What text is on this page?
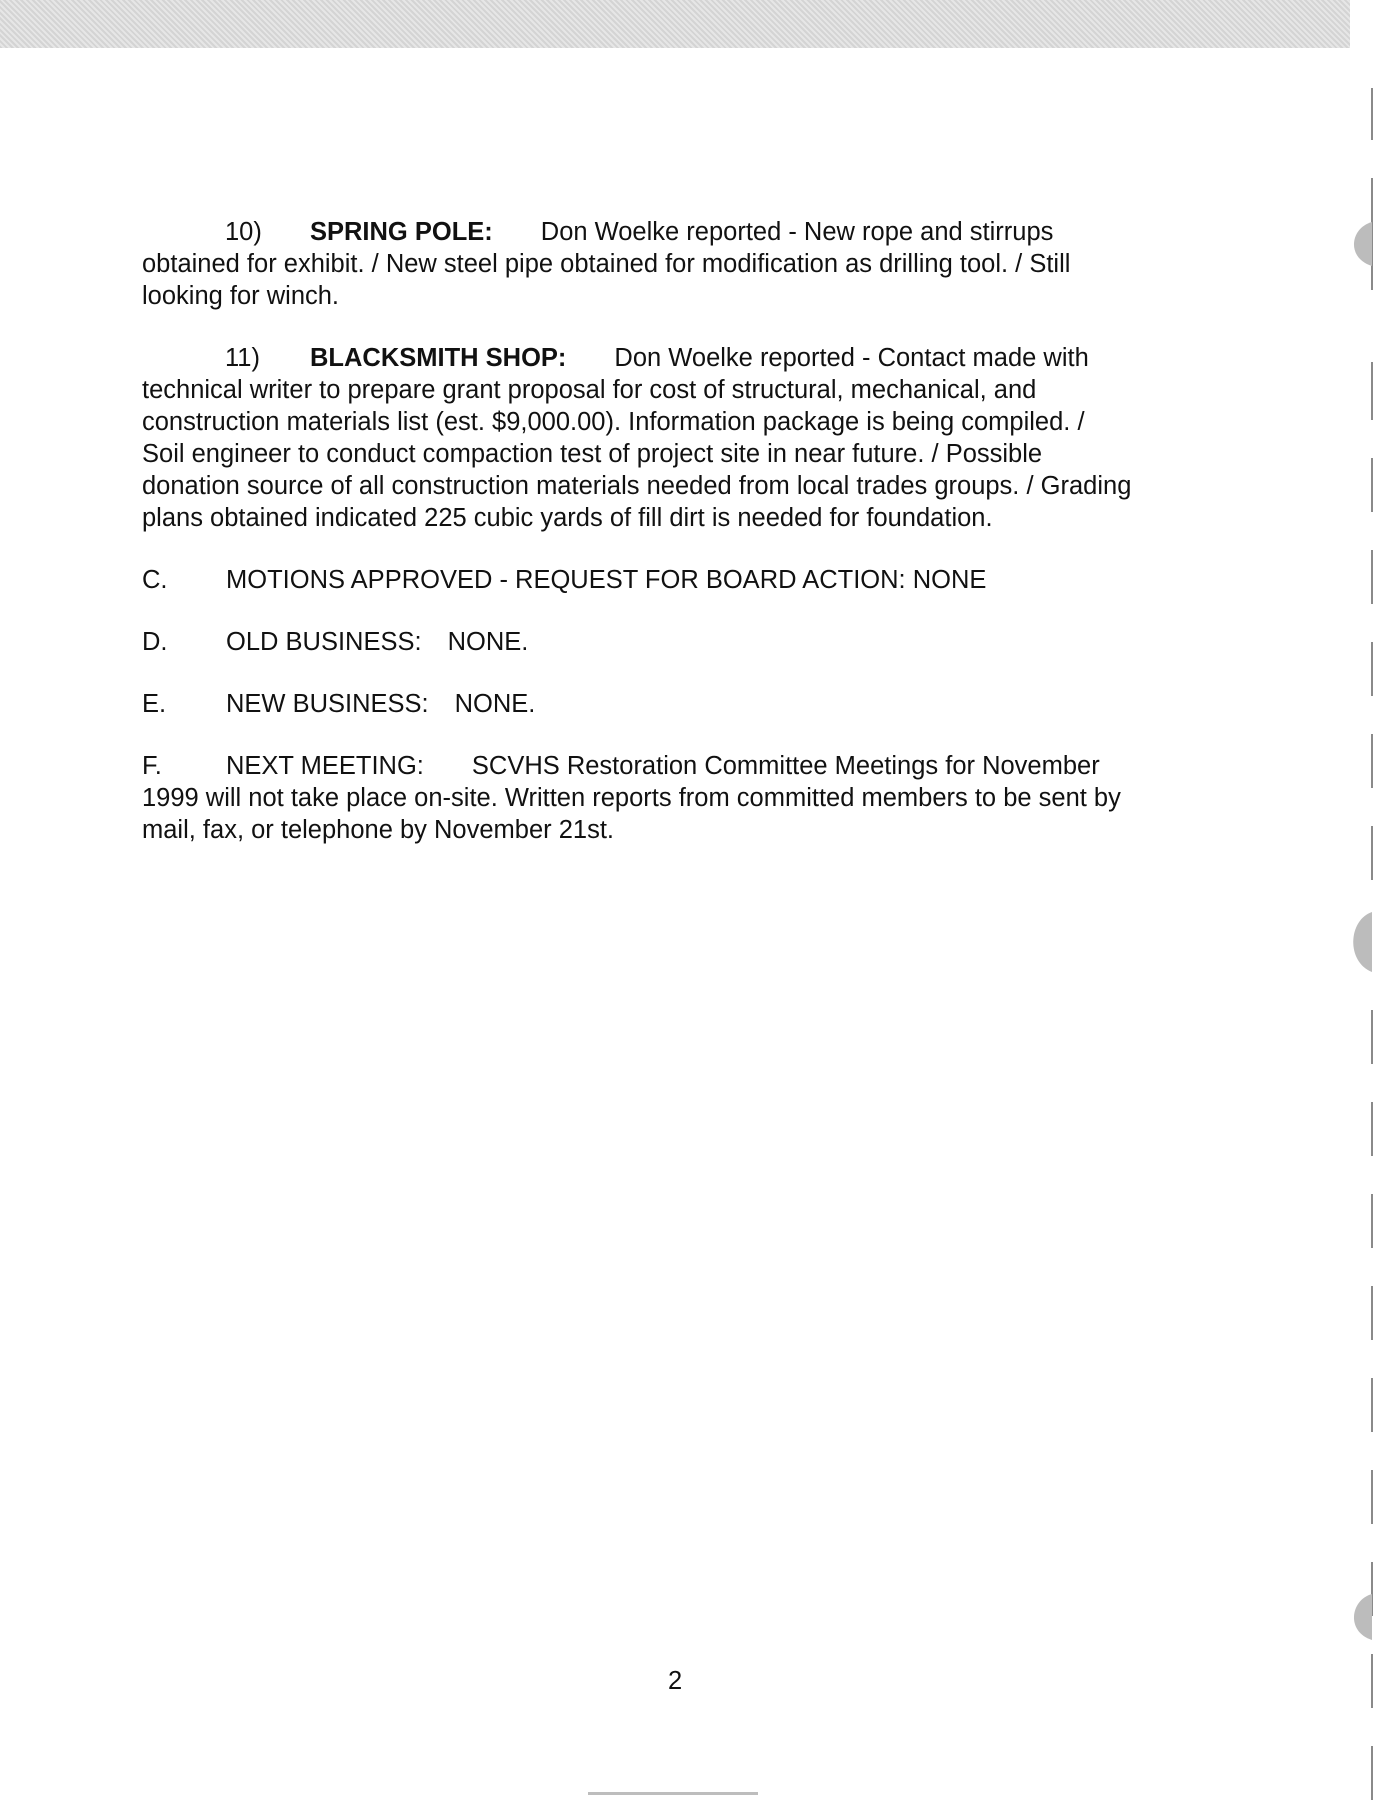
10) SPRING POLE: Don Woelke reported - New rope and stirrups

obtained for exhibit. / New steel pipe obtained for modification as drilling tool. / Still

looking for winch.

11) BLACKSMITH SHOP: Don Woelke reported - Contact made with

technical writer to prepare grant proposal for cost of structural, mechanical, and

construction materials list (est. $9,000.00). Information package is being compiled. /

Soil engineer to conduct compaction test of project site in near future. / Possible

donation source of all construction materials needed from local trades groups. / Grading

plans obtained indicated 225 cubic yards of fill dirt is needed for foundation.

C. MOTIONS APPROVED - REQUEST FOR BOARD ACTION: NONE
D. OLD BUSINESS: NONE.
E. NEW BUSINESS: NONE.

F.	NEXT MEETING: SCVHS Restoration Committee Meetings for November

1999 will not take place on-site. Written reports from committed members to be sent by

mail, fax, or telephone by November 21st.

2
